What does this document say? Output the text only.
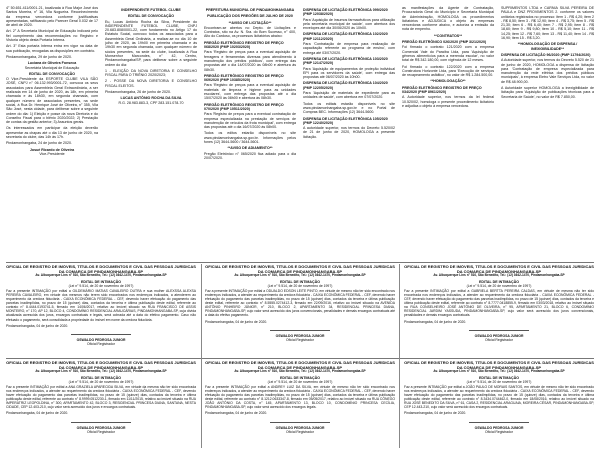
4° 50.651.411/0001-21, localizada à Rua Major José dos Santos Moreira, n° 16, Vila Nogueira. Reconhecimento da empresa vencedora conforme justificativas apresentadas, ratificando pelo Parecer Geral 0.032 de 17 de abril de 2020.

Art. 2° A Secretaria Municipal de Educação indicará pelo fiel cumprimento das recomendações no Registro e Vistoria objeto desta Portaria Interna.

Art. 3° Esta portaria Interna entra em vigor na data de sua publicação, revogadas as disposições em contrário.

Pindamonhangaba, 29 de junho de 2020.

Luciana de Oliveira Fonseca
Secretária Municipal de Educação
EDITAL DE CONVOCAÇÃO

O Vice-Presidente da ESPORTE CLUBE VILA SÃO JOSÉ, CNPJ n° 06.132.993/0001-72, convoca os seus associados para Assembleia Geral Extraordinária, a ser realizada em 14 de junho de 2020, às 18h, em primeira chamada e às 18h30, em segunda chamada, com qualquer número de associados presentes, na sede social, à Rua Dr. Henrique José de Oliveira, n° 355, Vila São José, nesta cidade, para deliberar sobre a seguinte ordem do dia: 1) Eleição e posse da nova Diretoria e do Conselho Fiscal para o biênio 2020/2022; 2) Prestação de contas da gestão anterior; 3) Assuntos gerais.

Os interessados em participar da eleição deverão apresentar as chapas até o dia 13 de junho de 2020, na secretaria do clube, das 14h às 17h.

Pindamonhangaba, 24 de junho de 2020.

Josué Ricardo de Oliveira
Vice-Presidente
INDEPENDENTE FUTEBOL CLUBE
EDITAL DE CONVOCAÇÃO

Eu, Lucas Antônio Rocha da Silva, Presidente do INDEPENDENTE FUTEBOL CLUBE, CNPJ 20.683.808/0001-22, com fundamento no Artigo 17 do Estatuto Social, convoco todos os associados para a Assembleia Geral Ordinária, a realizar-se no dia 10 de julho de 2020, às 19h00 em primeira chamada e às 19h30 em segunda chamada, com qualquer número de sócios presentes, na sede do clube, localizada à Rua Monsenhor Marcondes, n° 42, Centro, Pindamonhangaba/SP, para deliberar sobre a seguinte ordem do dia:

1 - ELEIÇÃO DA NOVA DIRETORIA E CONSELHO FISCAL PARA O TRIÊNIO 2020/2023;

2 - POSSE DA NOVA DIRETORIA E CONSELHO FISCAL ELEITOS.

Pindamonhangaba, 26 de junho de 2020.

LUCAS ANTÔNIO ROCHA DA SILVA
R.G. 28.983.883-3, CPF 283.151.078-70
PREFEITURA MUNICIPAL DE PINDAMONHANGABA
PUBLICAÇÃO DOS PREGÕES DE JULHO DE 2020
**AVISO DE LICITAÇÃO**

Encontram-se abertos no Depto. de Licitações e Contratos, sito na Av. N. Sra. do Bom Sucesso, n° 400, Alto do Cardoso, os processos licitatórios abaixo:

PREGÃO ELETRÔNICO REGISTRO DE PREÇO 068/2020 (PMP 10203/2020)

Para 'Registro de preços para a eventual aquisição de ferragens e ferramentas diversas para atendimento à manutenção dos prédios públicos', com entrega das propostas até o dia 14/07/2020 às 08h00 e abertura às 08h30.

PREGÃO ELETRÔNICO REGISTRO DE PREÇO 069/2020 (PMP 10385/2020)

Para 'Registro de preços para a eventual aquisição de materiais de limpeza e higiene para as unidades escolares', com entrega das propostas até o dia 15/07/2020 às 08h00 e abertura às 08h30.

PREGÃO ELETRÔNICO REGISTRO DE PREÇO 070/2020 (PMP 10511/2020)

Para 'Registro de preços para a eventual contratação de empresa especializada na prestação de serviços de manutenção de veículos da frota municipal', com entrega das propostas até o dia 16/07/2020 às 08h00.

Todos os editos estarão disponíveis no site www.pindamonhangaba.sp.gov.br. Informações pelos fones (12) 3644-5600 / 3644-5601.

**AVISO DE ADIAMENTO**

Pregão Eletrônico n° 065/2020 fica adiado para o dia 20/07/2020.

DISPENSA DE LICITAÇÃO ELETRÔNICA 099/2020 (PMP 12038/2020)

Para 'Aquisição de insumos farmacêuticos para utilização pela secretaria municipal de saúde', com abertura dos envelopes até dia 30/06/2020 às 10h00.

DISPENSA DE LICITAÇÃO ELETRÔNICA 102/2020 (PMP 12112/2020)

Para 'Contratação de empresa para realização de capacitação referente ao programa de ensino', com entrega até 03/07/2020.

DISPENSA DE LICITAÇÃO ELETRÔNICA 103/2020 (PMP 12147/2020)

Para 'Aquisição de equipamentos de proteção individual EPI para os servidores da saúde', com entrega das propostas até 06/07/2020 às 10h00.

DISPENSA DE LICITAÇÃO ELETRÔNICA 104/2020 (PMP 12205/2020)

Para 'Aquisição de materiais de expediente para as unidades de saúde', com abertura em 07/07/2020.

Todos os editais estarão disponíveis no site www.pindamonhangaba.sp.gov.br e no Portal de Compras BEC. Informações (12) 3644-5600.

DISPENSA DE LICITAÇÃO ELETRÔNICA 105/2020 (PMP 12240/2020)

A autoridade superior, nos termos do Decreto 5.520/02 de 21 de junho de 2020, HOMOLOGA a presente licitação.

as manifestações da Agente de Contratação, Procuradoria Geral do Município e Secretaria Municipal de Administração, HOMOLOGA os procedimentos licitatórios e ADJUDICA o objeto às empresas vencedoras conforme abaixo, e autoriza a emissão da nota de empenho.

**CONTRATOS**
PREGÃO ELETRÔNICO 026/2020 (PMP 3/21/2020)

Foi firmado o contrato 121/2020 com a empresa Comercial Vale do Paraíba Ltda, para 'Aquisição de gêneros alimentícios para a merenda escolar', no valor total de R$ 342.180,00, com vigência de 12 meses.

Foi firmado o contrato 122/2020 com a empresa Construtora Horizonte Ltda, para 'Execução de serviços de recapeamento asfáltico', no valor de R$ 1.284.500,00.

**HOMOLOGAÇÃO**
PREGÃO ELETRÔNICO REGISTRO DE PREÇO 034/2020 (PMP 8961/2020)

A Autoridade superior, nos termos da lei federal 10.520/02, homologa o presente procedimento licitatório e adjudica o objeto à empresa vencedora.

SUPRIMENTOS LTDA e CARNIA SILVA PEREIRA DE PAULA e DNZ PROVIMENTOS 2. conforme os valores unitários registrados no processo: item 1 - R$ 4,20; item 2 - R$ 8,50; item 3 - R$ 12,90; item 4 - R$ 3,75; item 5 - R$ 21,30; item 6 - R$ 6,40; item 7 - R$ 2,95; item 8 - R$ 18,60; item 9 - R$ 9,80; item 10 - R$ 5,10; item 11 - R$ 14,25; item 12 - R$ 7,60; item 13 - R$ 11,40; item 14 - R$ 16,90; item 15 - R$ 3,20.

**HOMOLOGAÇÃO DE DISPENSA / INEXIGIBILIDADE**
DISPENSA DE LICITAÇÃO 96/2020 (PMP 11794/2020)

A Autoridade superior, nos termos do Decreto 5.520 de 21 de junho de 2020, HOMOLOGA a dispensa de licitação para 'Contratação de empresa especializada para manutenção da rede elétrica dos prédios públicos municipais', à empresa Eletro Vale Serviços Ltda, no valor de R$ 48.900,00.

A Autoridade superior HOMOLOGA a inexigibilidade de licitação para 'Aquisição de publicações técnicas para a Secretaria de Saúde', no valor de R$ 7.850,00.

OFICIAL DE REGISTRO DE IMÓVEIS, TÍTULOS E DOCUMENTOS E CIVIL DAS PESSOAS JURÍDICAS DA COMARCA DE PINDAMONHANGABA-SP
Av. Albuquerque Lins n° 510, São Benedito, Tel.: (12) 3642-1470, Pindamonhangaba-SP
EDITAL DE INTIMAÇÃO
(Lei n° 9.514, de 20 de novembro de 1997)

Faz a presente INTIMAÇÃO por edital a GILDEMÁRIO MATIAS CAVALEIRO DUTRA e sua mulher ALEXSSA ALEXSA PEREIRA CAVALEIRO, em virtude dos mesmos não terem sido encontrados nos endereços indicados, a atenderem ao requerimento da credora fiduciária - CAIXA ECONÔMICA FEDERAL - CEF, devendo haver efetuação do pagamento das parcelas inadimplidas, no prazo de 15 (quinze) dias, contados da terceira e última publicação deste edital, referente ao contrato n° 8.4444.0193741-5, firmado em 14/06/2017, relativo ao imóvel situado na RUA FRANCISCO DE ASSIS MONTEIRO, n° 170, AP 12, BLOCO 4, CONDOMÍNIO RESIDENCIAL ARAUCÁRIAS, PINDAMONHANGABA-SP, cuja dívida atualizada acrescida dos juros, encargos contratuais e legais, será cobrada até a data do efetivo pagamento. Caso não efetuado o pagamento, será consolidada a propriedade do imóvel em nome da credora fiduciária.

Pindamonhangaba, 04 de junho de 2020.
OSWALDO PEDROSA JUNIOR
Oficial Registrador
OFICIAL DE REGISTRO DE IMÓVEIS, TÍTULOS E DOCUMENTOS E CIVIL DAS PESSOAS JURÍDICAS DA COMARCA DE PINDAMONHANGABA-SP
Av. Albuquerque Lins n° 510, São Benedito, Tel.: (12) 3642-1470, Pindamonhangaba-SP
EDITAL DE INTIMAÇÃO
(Lei n° 9.514, de 20 de novembro de 1997)

Faz a presente INTIMAÇÃO por edital a ODUALDO EDSON LEITE PINTO, em virtude de mesmo não ter sido encontrado nos endereços indicados, a atender ao requerimento da credora fiduciária - CAIXA ECONÔMICA FEDERAL - CEF, devendo haver efetuação do pagamento das parcelas inadimplidas, no prazo de 15 (quinze) dias, contados da terceira e última publicação deste edital, referente ao contrato n° 8.5555.0274412-3, firmado em 22/09/2016, relativo ao imóvel situado na AVENIDA ANTÔNIO PINHEIRO JÚNIOR, n° 210, BLOCO 2, APARTAMENTO 34, RESIDENCIAL PRINCESA DIANA, PINDAMONHANGABA-SP, cujo valor será acrescido dos juros convencionais, penalidades e demais encargos contratuais até a data do efetivo pagamento.

Pindamonhangaba, 04 de junho de 2020.
OSWALDO PEDROSA JUNIOR
Oficial Registrador
OFICIAL DE REGISTRO DE IMÓVEIS, TÍTULOS E DOCUMENTOS E CIVIL DAS PESSOAS JURÍDICAS DA COMARCA DE PINDAMONHANGABA-SP
Av. Albuquerque Lins n° 510, São Benedito, Tel.: (12) 3642-1470, Pindamonhangaba-SP
EDITAL DE INTIMAÇÃO
(Lei n° 9.514, de 20 de novembro de 1997)

Faz a presente INTIMAÇÃO por edital a GABRIELA BERTTA PEREIRA CALDAS, em virtude de mesma não ter sido encontrada nos endereços indicados, a atender ao requerimento da credora fiduciária - CAIXA ECONÔMICA FEDERAL - CEF, devendo haver efetuação do pagamento das parcelas inadimplidas, no prazo de 15 (quinze) dias, contados da terceira e última publicação deste edital, referente ao contrato n° 8.7777.0418855-9, firmado em 03/03/2018, relativo ao imóvel situado na RUA CONSELHEIRO JOSÉ ANTÔNIO DE OLIVEIRA, n° 95, APARTAMENTO 21, BLOCO 6, CONDOMÍNIO RESIDENCIAL JARDIM YASSUDA, PINDAMONHANGABA-SP, cujo valor será acrescido dos juros convencionais, penalidades e demais encargos contratuais.

Pindamonhangaba, 04 de junho de 2020.
OSWALDO PEDROSA JUNIOR
Oficial Registrador
OFICIAL DE REGISTRO DE IMÓVEIS, TÍTULOS E DOCUMENTOS E CIVIL DAS PESSOAS JURÍDICAS DA COMARCA DE PINDAMONHANGABA-SP
Av. Albuquerque Lins n° 510, São Benedito, Tel.: (12) 3642-1470, Pindamonhangaba-SP
EDITAL DE INTIMAÇÃO
(Lei n° 9.514, de 20 de novembro de 1997)

Faz a presente INTIMAÇÃO por edital a ANA GRAZIELA APARECIDA SILVA, em virtude da mesma não ter sido encontrada nos endereços indicados, a atender ao requerimento da credora fiduciária - CAIXA ECONÔMICA FEDERAL - CEF, devendo haver efetuação do pagamento das parcelas inadimplidas, no prazo de 15 (quinze) dias, contados da terceira e última publicação deste edital, referente ao contrato n° 8.9999.0512230-1, firmado em 11/11/2015, relativo ao imóvel situado na RUA IMPERATRIZ LEOPOLDINA, n° 300, APARTAMENTO 42, BLOCO 3, RESIDENCIAL PRINCESA DIANA, SANTANA, NESTA CIDADE, CEP 12.403-210, cujo valor será acrescido dos juros e encargos contratuais.

Pindamonhangaba, 04 de junho de 2020.
OSWALDO PEDROSA JUNIOR
Oficial Registrador
OFICIAL DE REGISTRO DE IMÓVEIS, TÍTULOS E DOCUMENTOS E CIVIL DAS PESSOAS JURÍDICAS DA COMARCA DE PINDAMONHANGABA-SP
Av. Albuquerque Lins n° 510, São Benedito, Tel.: (12) 3642-1470, Pindamonhangaba-SP
EDITAL DE INTIMAÇÃO
(Lei n° 9.514, de 20 de novembro de 1997)

Faz a presente INTIMAÇÃO por edital a ANDREY LUIZ DA SILVA, em virtude de mesmo não ter sido encontrado nos endereços indicados, a atender ao requerimento da credora fiduciária - CAIXA ECONÔMICA FEDERAL - CEF, devendo haver efetuação do pagamento das parcelas inadimplidas, no prazo de 15 (quinze) dias, contados da terceira e última publicação deste edital, referente ao contrato n° 8.1212.0633347-8, firmado em 05/05/2017, relativo ao imóvel situado na RUA CÔNEGO JOÃO ANTÔNIO DA COSTA, n° 145, APARTAMENTO 13, BLOCO 10, CONDOMÍNIO PRINCESA CECÍLIA, PINDAMONHANGABA-SP, cujo valor será acrescido dos encargos legais.

Pindamonhangaba, 04 de junho de 2020.
OSWALDO PEDROSA JUNIOR
Oficial Registrador
OFICIAL DE REGISTRO DE IMÓVEIS, TÍTULOS E DOCUMENTOS E CIVIL DAS PESSOAS JURÍDICAS DA COMARCA DE PINDAMONHANGABA-SP
Av. Albuquerque Lins n° 510, São Benedito, Tel.: (12) 3642-1470, Pindamonhangaba-SP
EDITAL DE INTIMAÇÃO
(Lei n° 9.514, de 20 de novembro de 1997)

Faz a presente INTIMAÇÃO por edital a JOÃO PAULO DE MORAIS SANTOS, em virtude de mesmo não ter sido encontrado nos endereços indicados, a atender ao requerimento da credora fiduciária - CAIXA ECONÔMICA FEDERAL - CEF, devendo haver efetuação do pagamento das parcelas inadimplidas, no prazo de 15 (quinze) dias, contados da terceira e última publicação deste edital, referente ao contrato n° 8.3434.0744462-0, firmado em 18/08/2016, relativo ao imóvel situado na RUA JOSÉ BENEDITO DA SILVA, n° 61, CASA 2, RESIDENCIAL ARAGUAIA, MOREIRA CÉSAR, PINDAMONHANGABA-SP, CEP 12.443-210, cujo valor será acrescido dos encargos contratuais.

Pindamonhangaba, 04 de junho de 2020.
OSWALDO PEDROSA JUNIOR
Oficial Registrador
